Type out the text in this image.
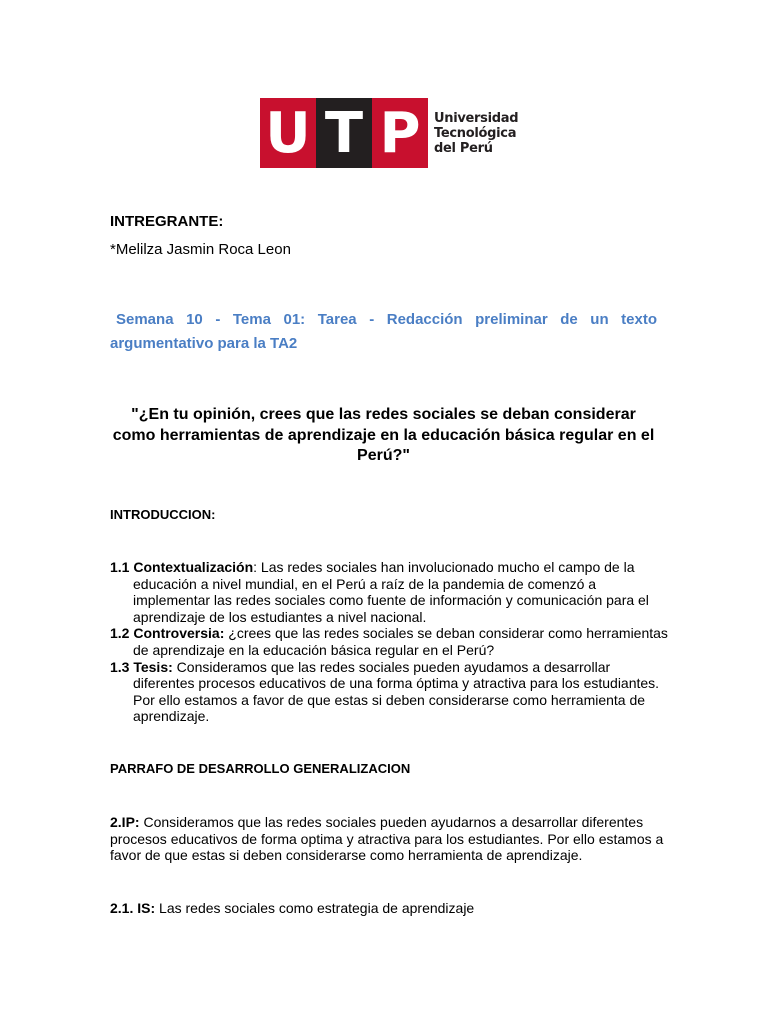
U T P	Universidad
Tecnológica
del Perú
INTREGRANTE:
*Melilza Jasmin Roca Leon
Semana 10 - Tema 01: Tarea - Redacción preliminar de un texto argumentativo para la TA2
"¿En tu opinión, crees que las redes sociales se deban considerar como herramientas de aprendizaje en la educación básica regular en el Perú?"
INTRODUCCION:
1.1 Contextualización: Las redes sociales han involucionado mucho el campo de la educación a nivel mundial, en el Perú a raíz de la pandemia de comenzó a implementar las redes sociales como fuente de información y comunicación para el aprendizaje de los estudiantes a nivel nacional.
1.2 Controversia: ¿crees que las redes sociales se deban considerar como herramientas de aprendizaje en la educación básica regular en el Perú?
1.3 Tesis: Consideramos que las redes sociales pueden ayudamos a desarrollar diferentes procesos educativos de una forma óptima y atractiva para los estudiantes. Por ello estamos a favor de que estas si deben considerarse como herramienta de aprendizaje.
PARRAFO DE DESARROLLO GENERALIZACION
2.IP: Consideramos que las redes sociales pueden ayudarnos a desarrollar diferentes procesos educativos de forma optima y atractiva para los estudiantes. Por ello estamos a favor de que estas si deben considerarse como herramienta de aprendizaje.
2.1. IS: Las redes sociales como estrategia de aprendizaje
